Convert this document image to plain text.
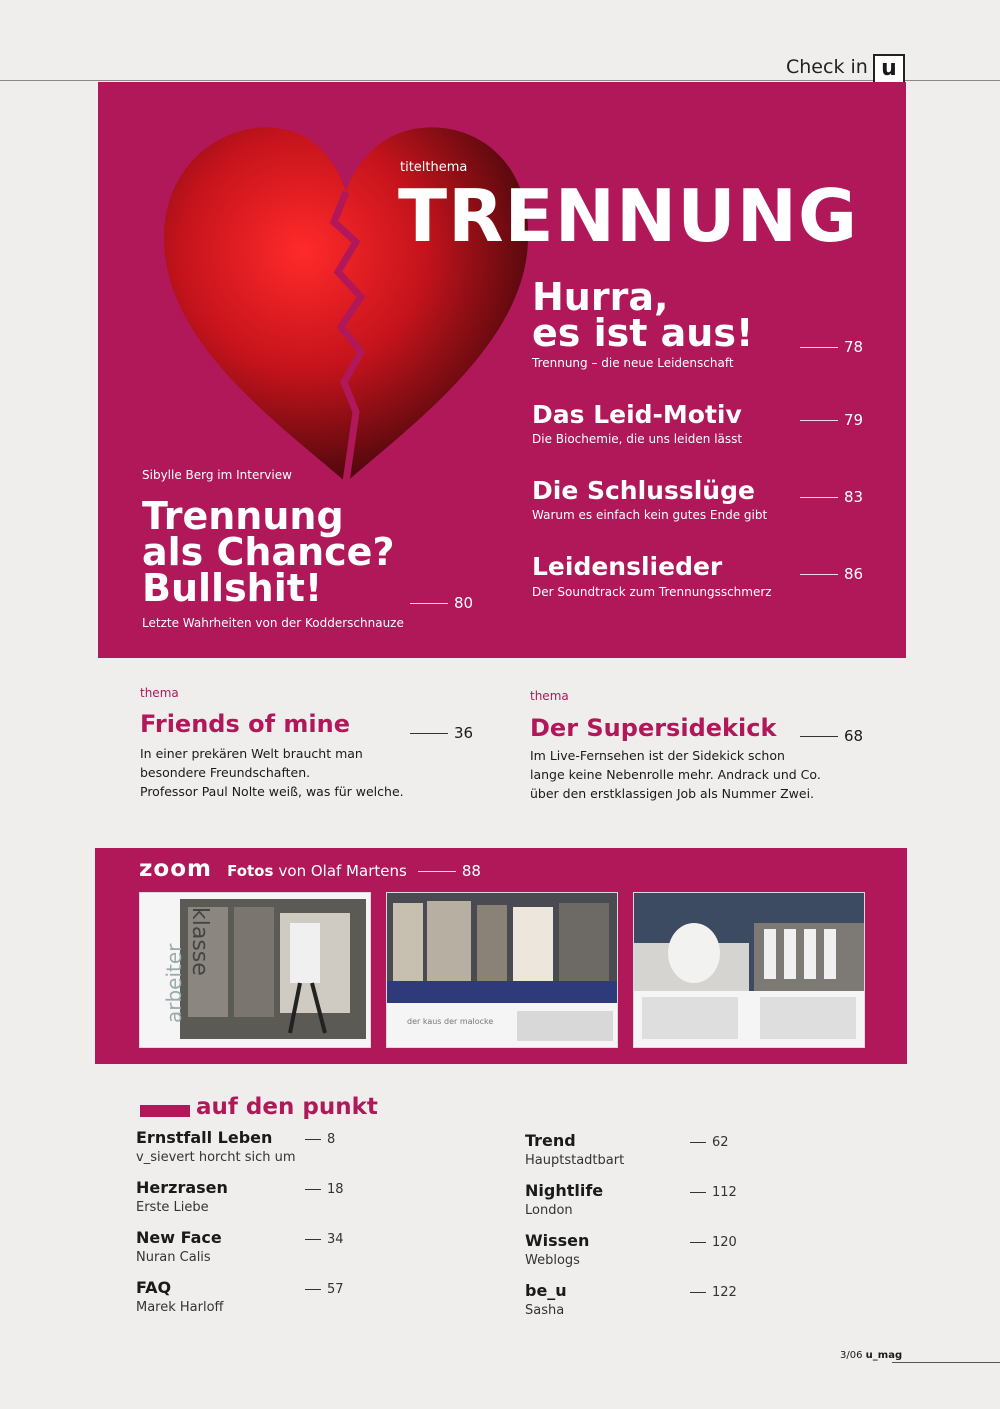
Check in u
titelthema
TRENNUNG
Hurra,
es ist aus!
Trennung – die neue Leidenschaft
78
Das Leid-Motiv
Die Biochemie, die uns leiden lässt
79
Die Schlusslüge
Warum es einfach kein gutes Ende gibt
83
Leidenslieder
Der Soundtrack zum Trennungsschmerz
86
Sibylle Berg im Interview
Trennung
als Chance?
Bullshit!
Letzte Wahrheiten von der Kodderschnauze
80
thema
Friends of mine	36
In einer prekären Welt braucht man
besondere Freundschaften.
Professor Paul Nolte weiß, was für welche.
thema
Der Supersidekick	68
Im Live-Fernsehen ist der Sidekick schon
lange keine Nebenrolle mehr. Andrack und Co.
über den erstklassigen Job als Nummer Zwei.
zoom Fotos von Olaf Martens	88
arbeiter
klasse
der kaus der malocke
auf den punkt
Ernstfall Leben
v_sievert horcht sich um
8
Herzrasen
Erste Liebe
18
New Face
Nuran Calis
34
FAQ
Marek Harloff
57
Trend
Hauptstadtbart
62
Nightlife
London
112
Wissen
Weblogs
120
be_u
Sasha
122
3/06 u_mag
